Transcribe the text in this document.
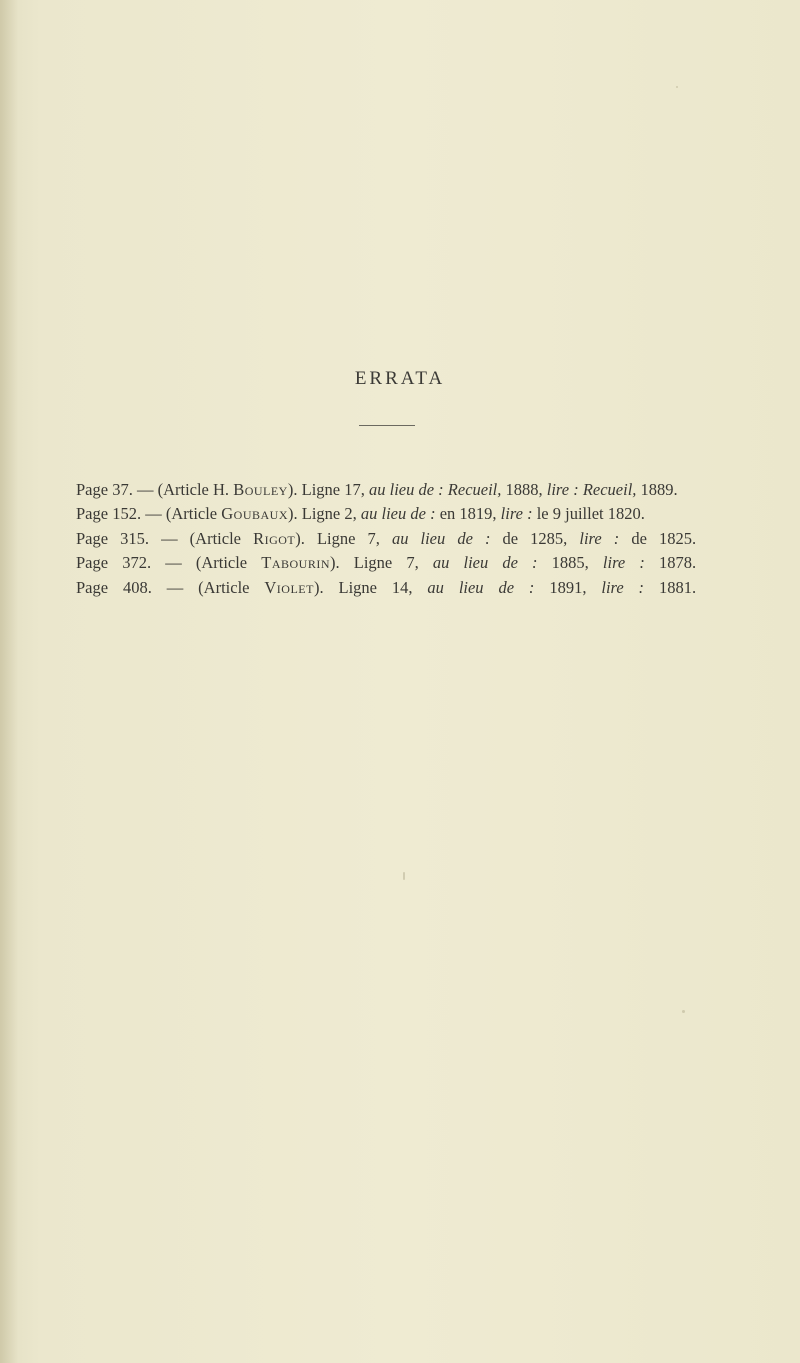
ERRATA

Page 37. — (Article H. Bouley). Ligne 17, au lieu de : Recueil, 1888, lire : Recueil, 1889.

Page 152. — (Article Goubaux). Ligne 2, au lieu de : en 1819, lire : le 9 juillet 1820.

Page 315. — (Article Rigot). Ligne 7, au lieu de : de 1285, lire : de 1825.

Page 372. — (Article Tabourin). Ligne 7, au lieu de : 1885, lire : 1878.

Page 408. — (Article Violet). Ligne 14, au lieu de : 1891, lire : 1881.
